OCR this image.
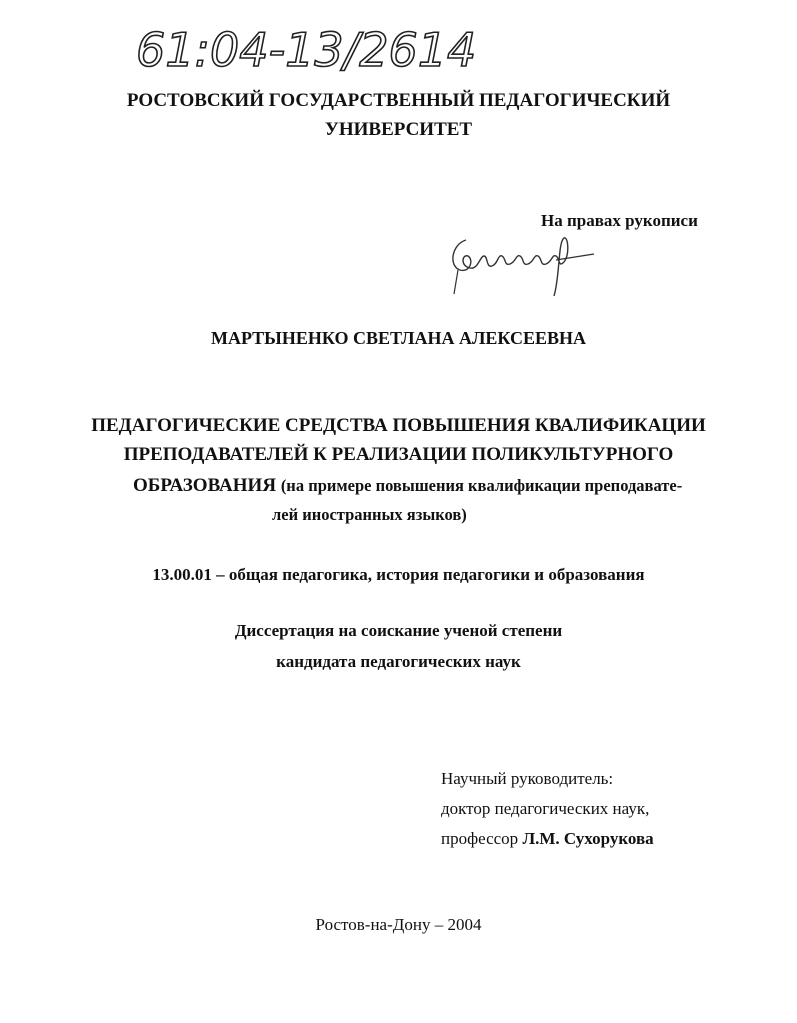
61:04-13/2614
РОСТОВСКИЙ ГОСУДАРСТВЕННЫЙ ПЕДАГОГИЧЕСКИЙ
УНИВЕРСИТЕТ
На правах рукописи
МАРТЫНЕНКО СВЕТЛАНА АЛЕКСЕЕВНА
ПЕДАГОГИЧЕСКИЕ СРЕДСТВА ПОВЫШЕНИЯ КВАЛИФИКАЦИИ
ПРЕПОДАВАТЕЛЕЙ К РЕАЛИЗАЦИИ ПОЛИКУЛЬТУРНОГО
ОБРАЗОВАНИЯ (на примере повышения квалификации преподавате-
лей иностранных языков)
13.00.01 – общая педагогика, история педагогики и образования
Диссертация на соискание ученой степени
кандидата педагогических наук
Научный руководитель:
доктор педагогических наук,
профессор Л.М. Сухорукова
Ростов-на-Дону – 2004
